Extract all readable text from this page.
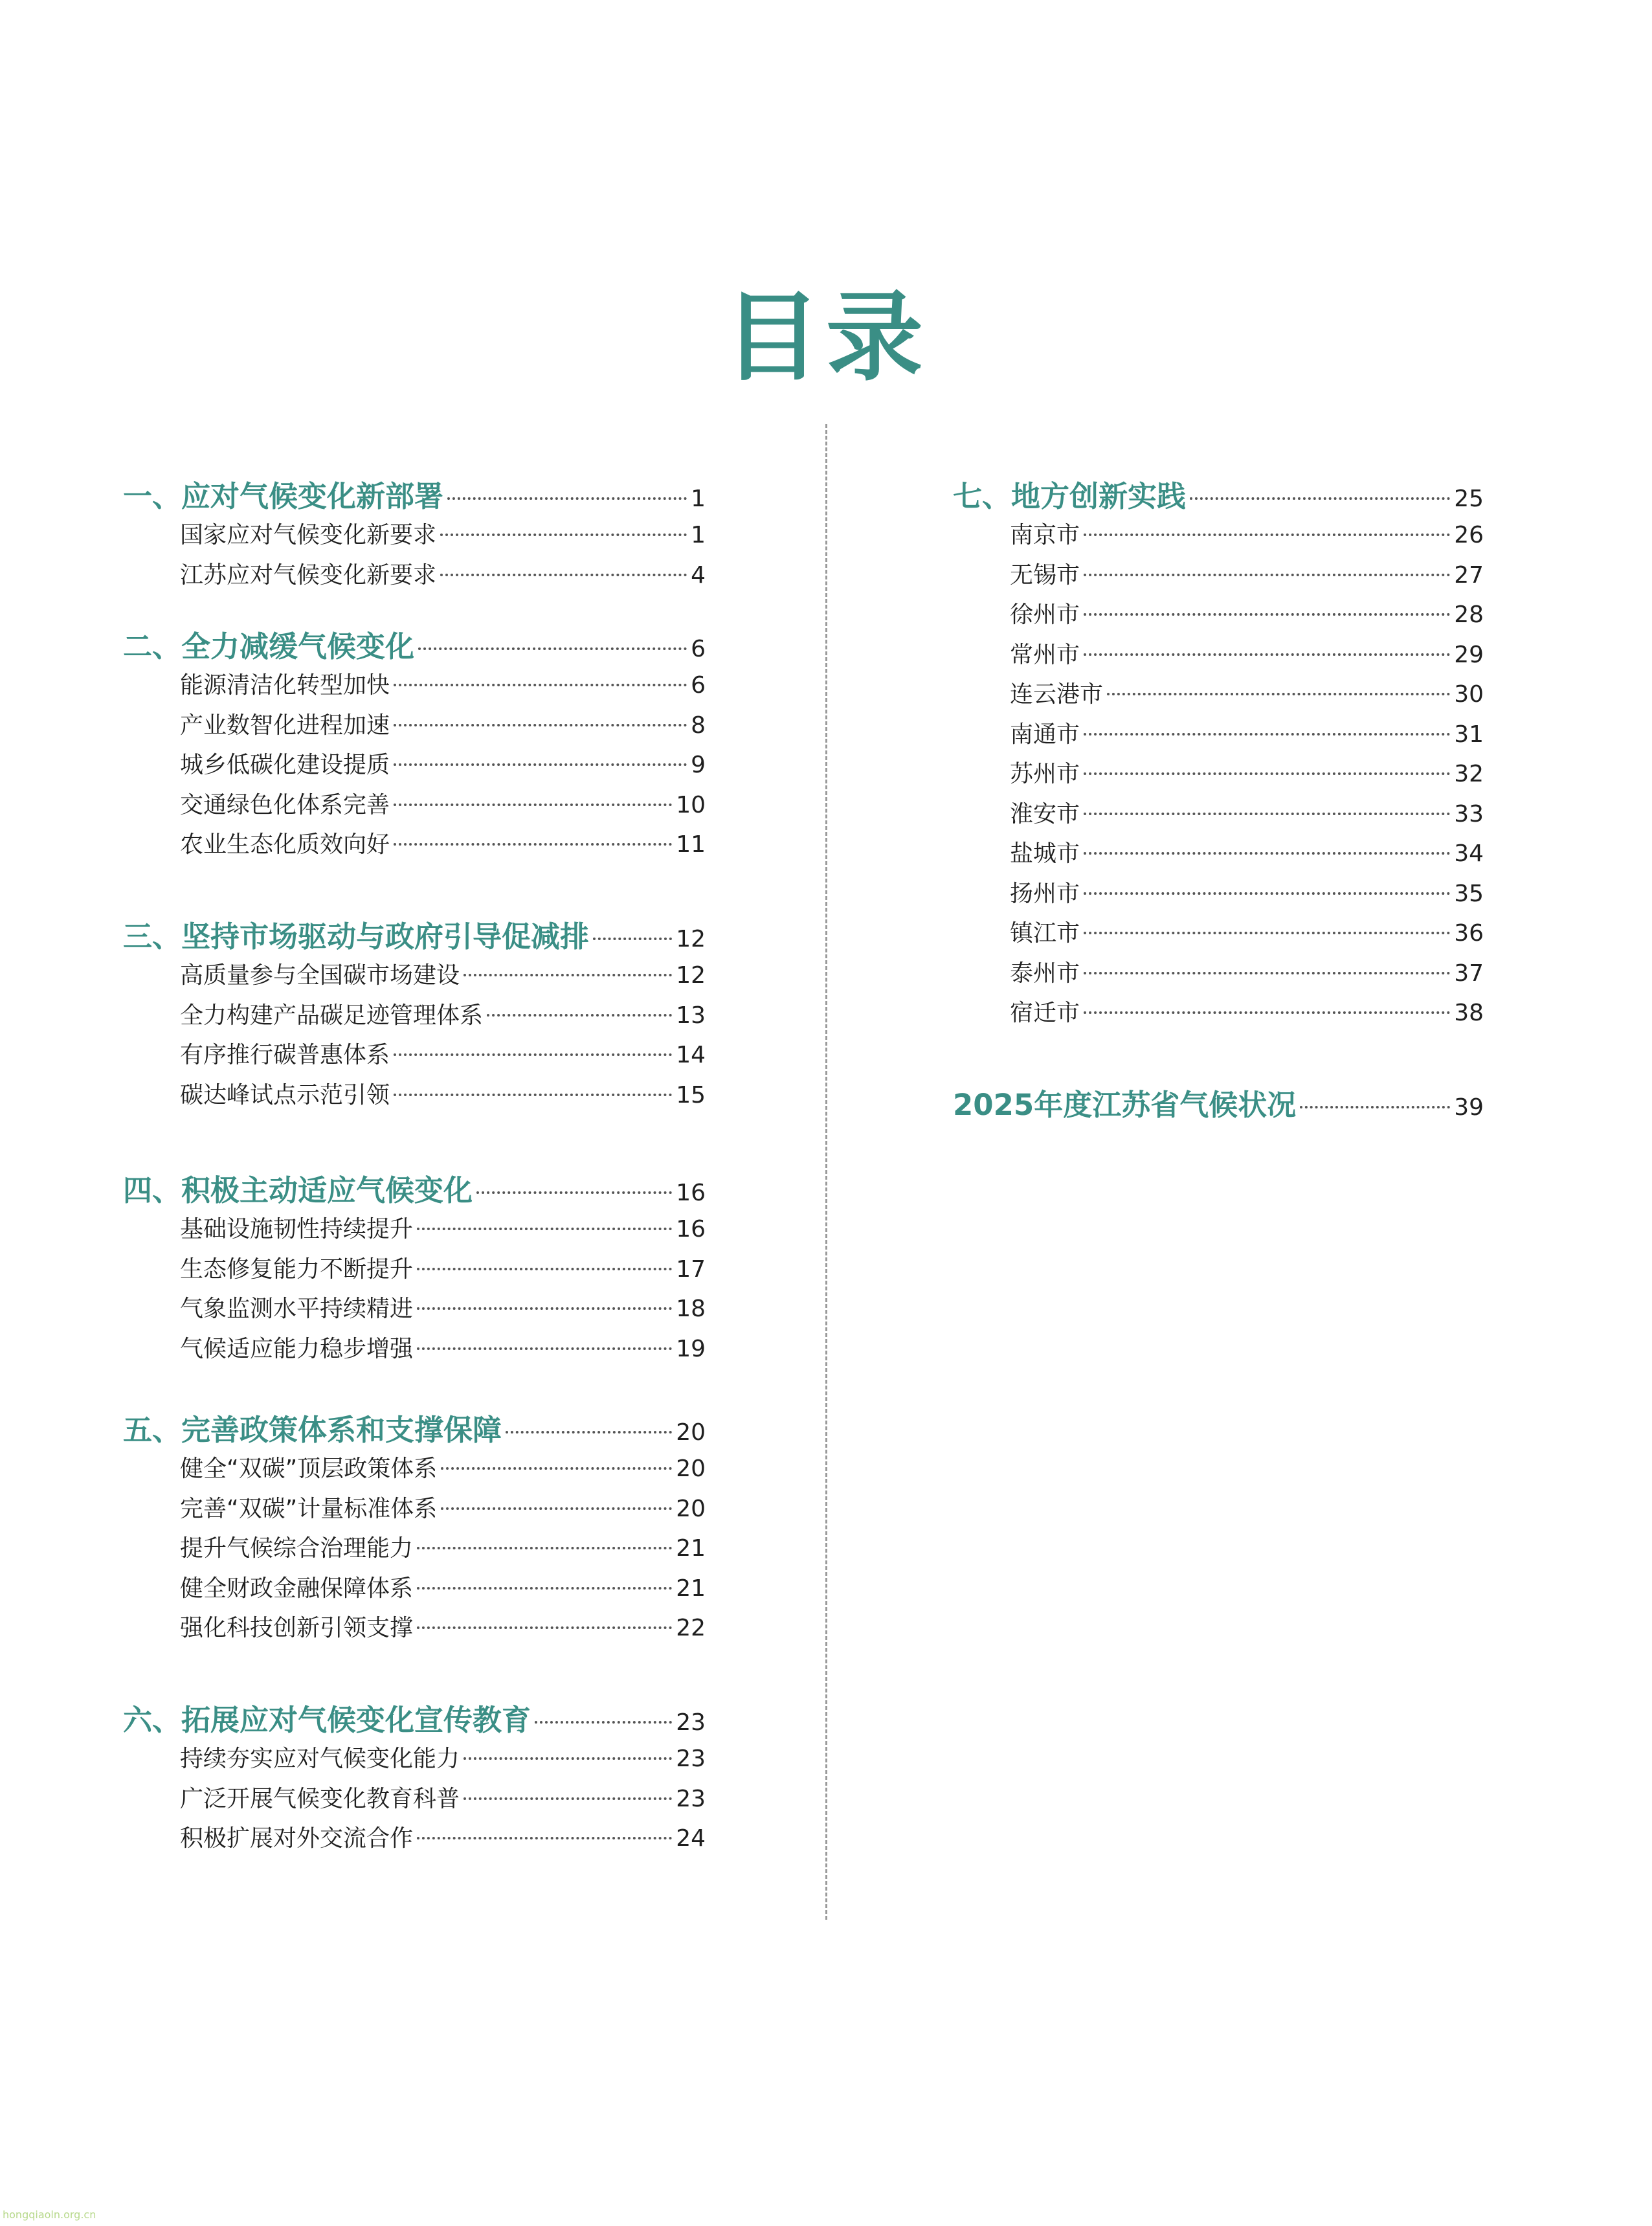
目录
一、应对气候变化新部署	1
国家应对气候变化新要求	1
江苏应对气候变化新要求	4
二、全力减缓气候变化	6
能源清洁化转型加快	6
产业数智化进程加速	8
城乡低碳化建设提质	9
交通绿色化体系完善	10
农业生态化质效向好	11
三、坚持市场驱动与政府引导促减排	12
高质量参与全国碳市场建设	12
全力构建产品碳足迹管理体系	13
有序推行碳普惠体系	14
碳达峰试点示范引领	15
四、积极主动适应气候变化	16
基础设施韧性持续提升	16
生态修复能力不断提升	17
气象监测水平持续精进	18
气候适应能力稳步增强	19
五、完善政策体系和支撑保障	20
健全“双碳”顶层政策体系	20
完善“双碳”计量标准体系	20
提升气候综合治理能力	21
健全财政金融保障体系	21
强化科技创新引领支撑	22
六、拓展应对气候变化宣传教育	23
持续夯实应对气候变化能力	23
广泛开展气候变化教育科普	23
积极扩展对外交流合作	24
七、地方创新实践	25
南京市	26
无锡市	27
徐州市	28
常州市	29
连云港市	30
南通市	31
苏州市	32
淮安市	33
盐城市	34
扬州市	35
镇江市	36
泰州市	37
宿迁市	38
2025年度江苏省气候状况	39
hongqiaoln.org.cn
